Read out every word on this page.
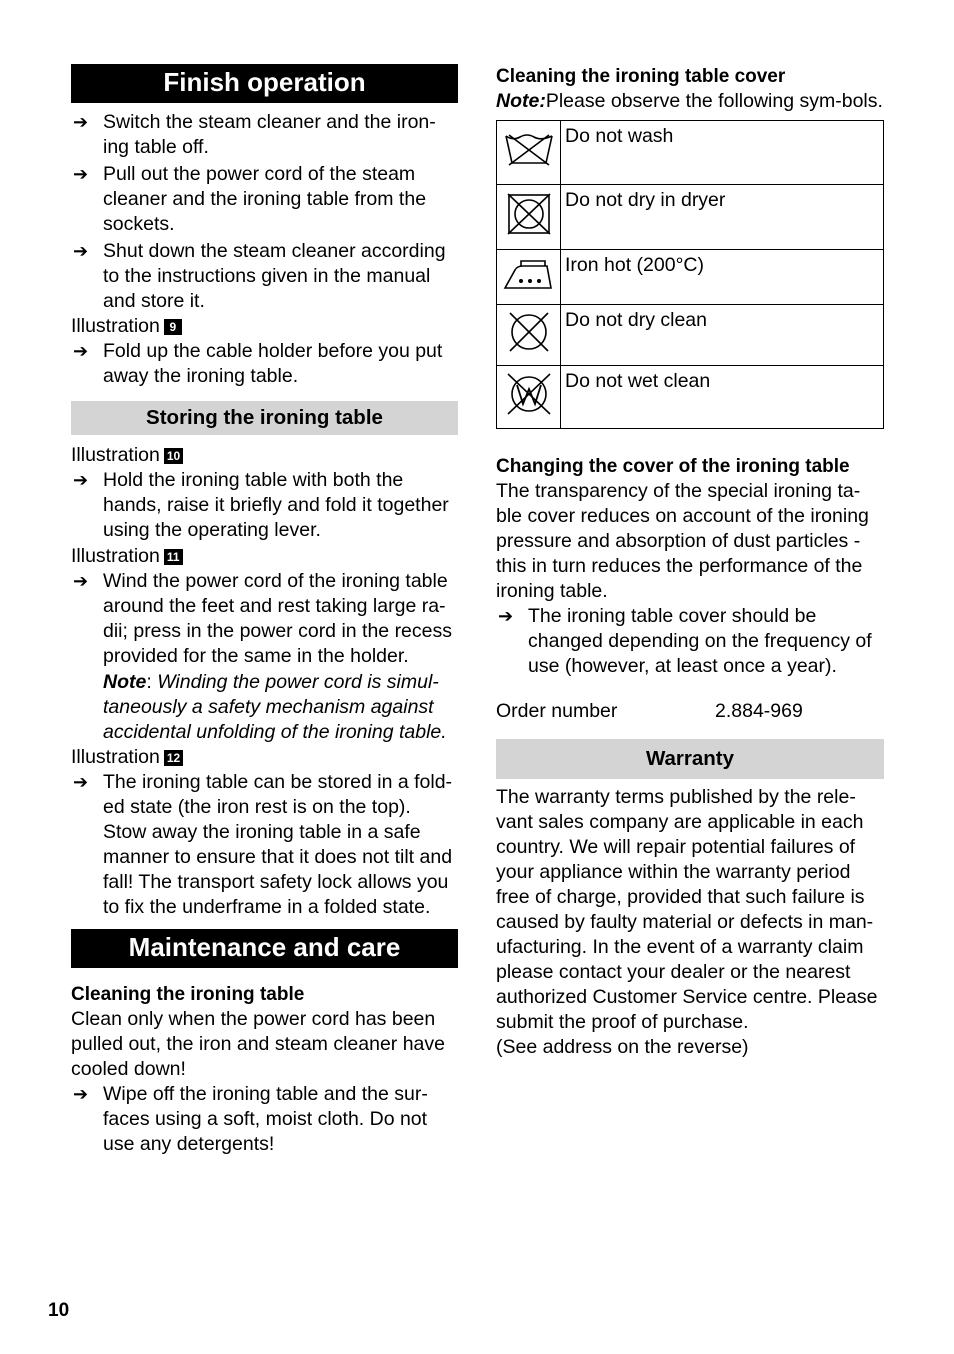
Finish operation
➔ Switch the steam cleaner and the iron-ing table off.
➔ Pull out the power cord of the steam cleaner and the ironing table from the sockets.
➔ Shut down the steam cleaner according to the instructions given in the manual and store it.
Illustration 9
➔ Fold up the cable holder before you put away the ironing table.
Storing the ironing table
Illustration 10
➔ Hold the ironing table with both the hands, raise it briefly and fold it together using the operating lever.
Illustration 11
➔ Wind the power cord of the ironing table around the feet and rest taking large ra-dii; press in the power cord in the recess provided for the same in the holder.
Note: Winding the power cord is simul-taneously a safety mechanism against accidental unfolding of the ironing table.
Illustration 12
➔ The ironing table can be stored in a fold-ed state (the iron rest is on the top). Stow away the ironing table in a safe manner to ensure that it does not tilt and fall! The transport safety lock allows you to fix the underframe in a folded state.
Maintenance and care
Cleaning the ironing table
Clean only when the power cord has been pulled out, the iron and steam cleaner have cooled down!
➔ Wipe off the ironing table and the sur-faces using a soft, moist cloth. Do not use any detergents!
Cleaning the ironing table cover
Note:Please observe the following sym-bols.
	Do not wash
	Do not dry in dryer
	Iron hot (200°C)
	Do not dry clean
	Do not wet clean
Changing the cover of the ironing table
The transparency of the special ironing ta-ble cover reduces on account of the ironing pressure and absorption of dust particles - this in turn reduces the performance of the ironing table.
➔ The ironing table cover should be changed depending on the frequency of use (however, at least once a year).
Order number	2.884-969
Warranty
The warranty terms published by the rele-vant sales company are applicable in each country. We will repair potential failures of your appliance within the warranty period free of charge, provided that such failure is caused by faulty material or defects in man-ufacturing. In the event of a warranty claim please contact your dealer or the nearest authorized Customer Service centre. Please submit the proof of purchase.
(See address on the reverse)
10
